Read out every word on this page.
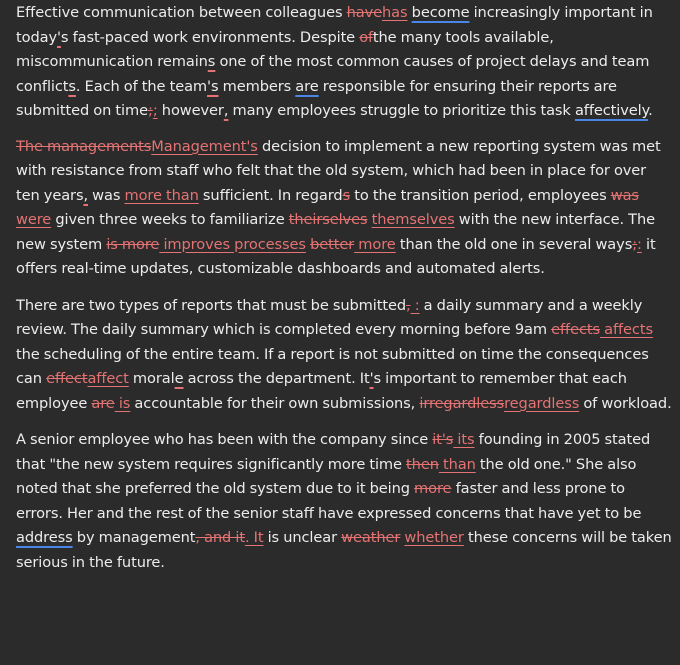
Effective communication between colleagues havehas become increasingly important in today's fast-paced work environments. Despite ofthe many tools available, miscommunication remains one of the most common causes of project delays and team conflicts. Each of the team's members are responsible for ensuring their reports are submitted on time;; however, many employees struggle to prioritize this task affectively.

The managementsManagement's decision to implement a new reporting system was met with resistance from staff who felt that the old system, which had been in place for over ten years, was more than sufficient. In regards to the transition period, employees was were given three weeks to familiarize theirselves themselves with the new interface. The new system is more improves processes better more than the old one in several ways;: it offers real-time updates, customizable dashboards and automated alerts.

There are two types of reports that must be submitted, : a daily summary and a weekly review. The daily summary which is completed every morning before 9am effects affects the scheduling of the entire team. If a report is not submitted on time the consequences can effectaffect morale across the department. It's important to remember that each employee are is accountable for their own submissions, irregardlessregardless of workload.

A senior employee who has been with the company since it's its founding in 2005 stated that "the new system requires significantly more time then than the old one." She also noted that she preferred the old system due to it being more faster and less prone to errors. Her and the rest of the senior staff have expressed concerns that have yet to be address by management, and it. It is unclear weather whether these concerns will be taken serious in the future.
